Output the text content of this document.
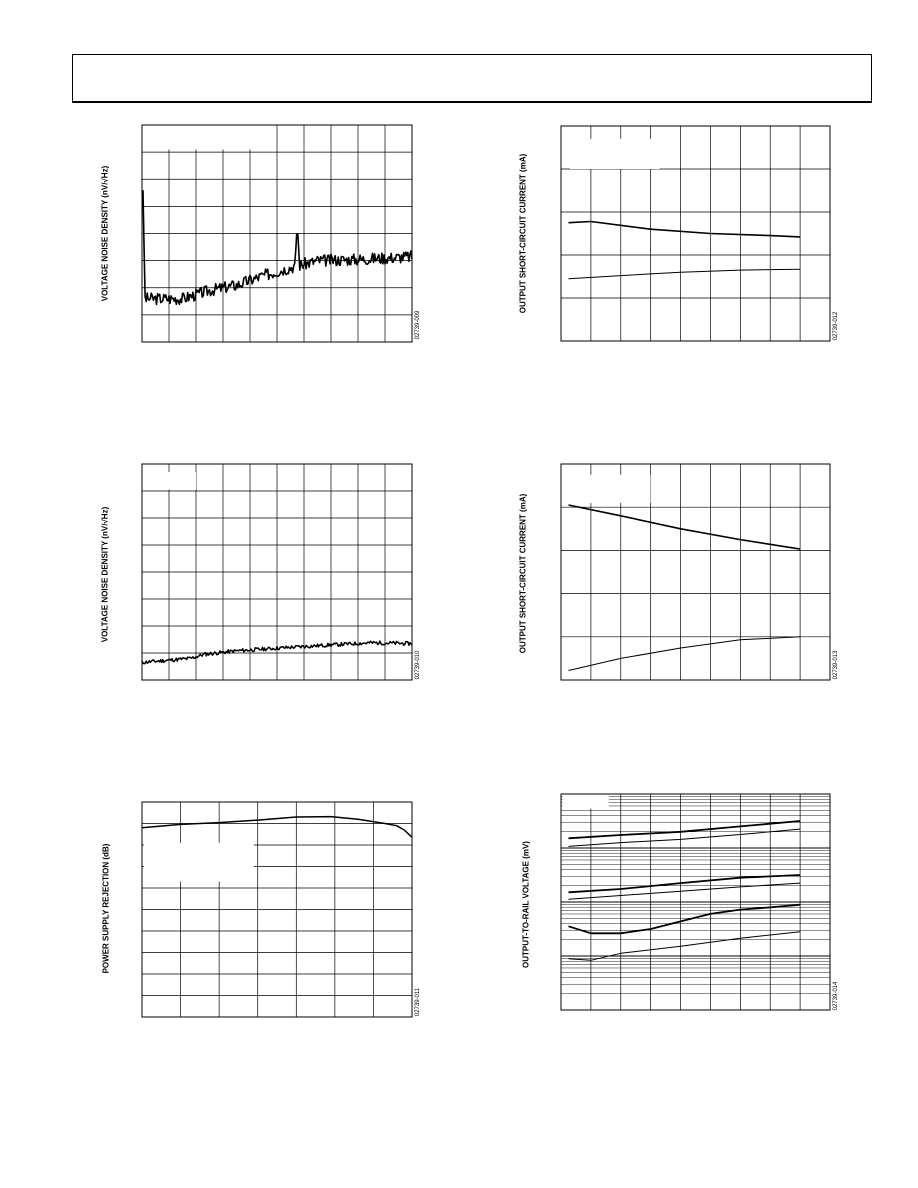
VOLTAGE NOISE DENSITY (nV/√Hz)
02739-009
OUTPUT SHORT-CIRCUIT CURRENT (mA)
02739-012
VOLTAGE NOISE DENSITY (nV/√Hz)
02739-010
OUTPUT SHORT-CIRCUIT CURRENT (mA)
02739-013
POWER SUPPLY REJECTION (dB)
02739-011
OUTPUT-TO-RAIL VOLTAGE (mV)
02739-014
